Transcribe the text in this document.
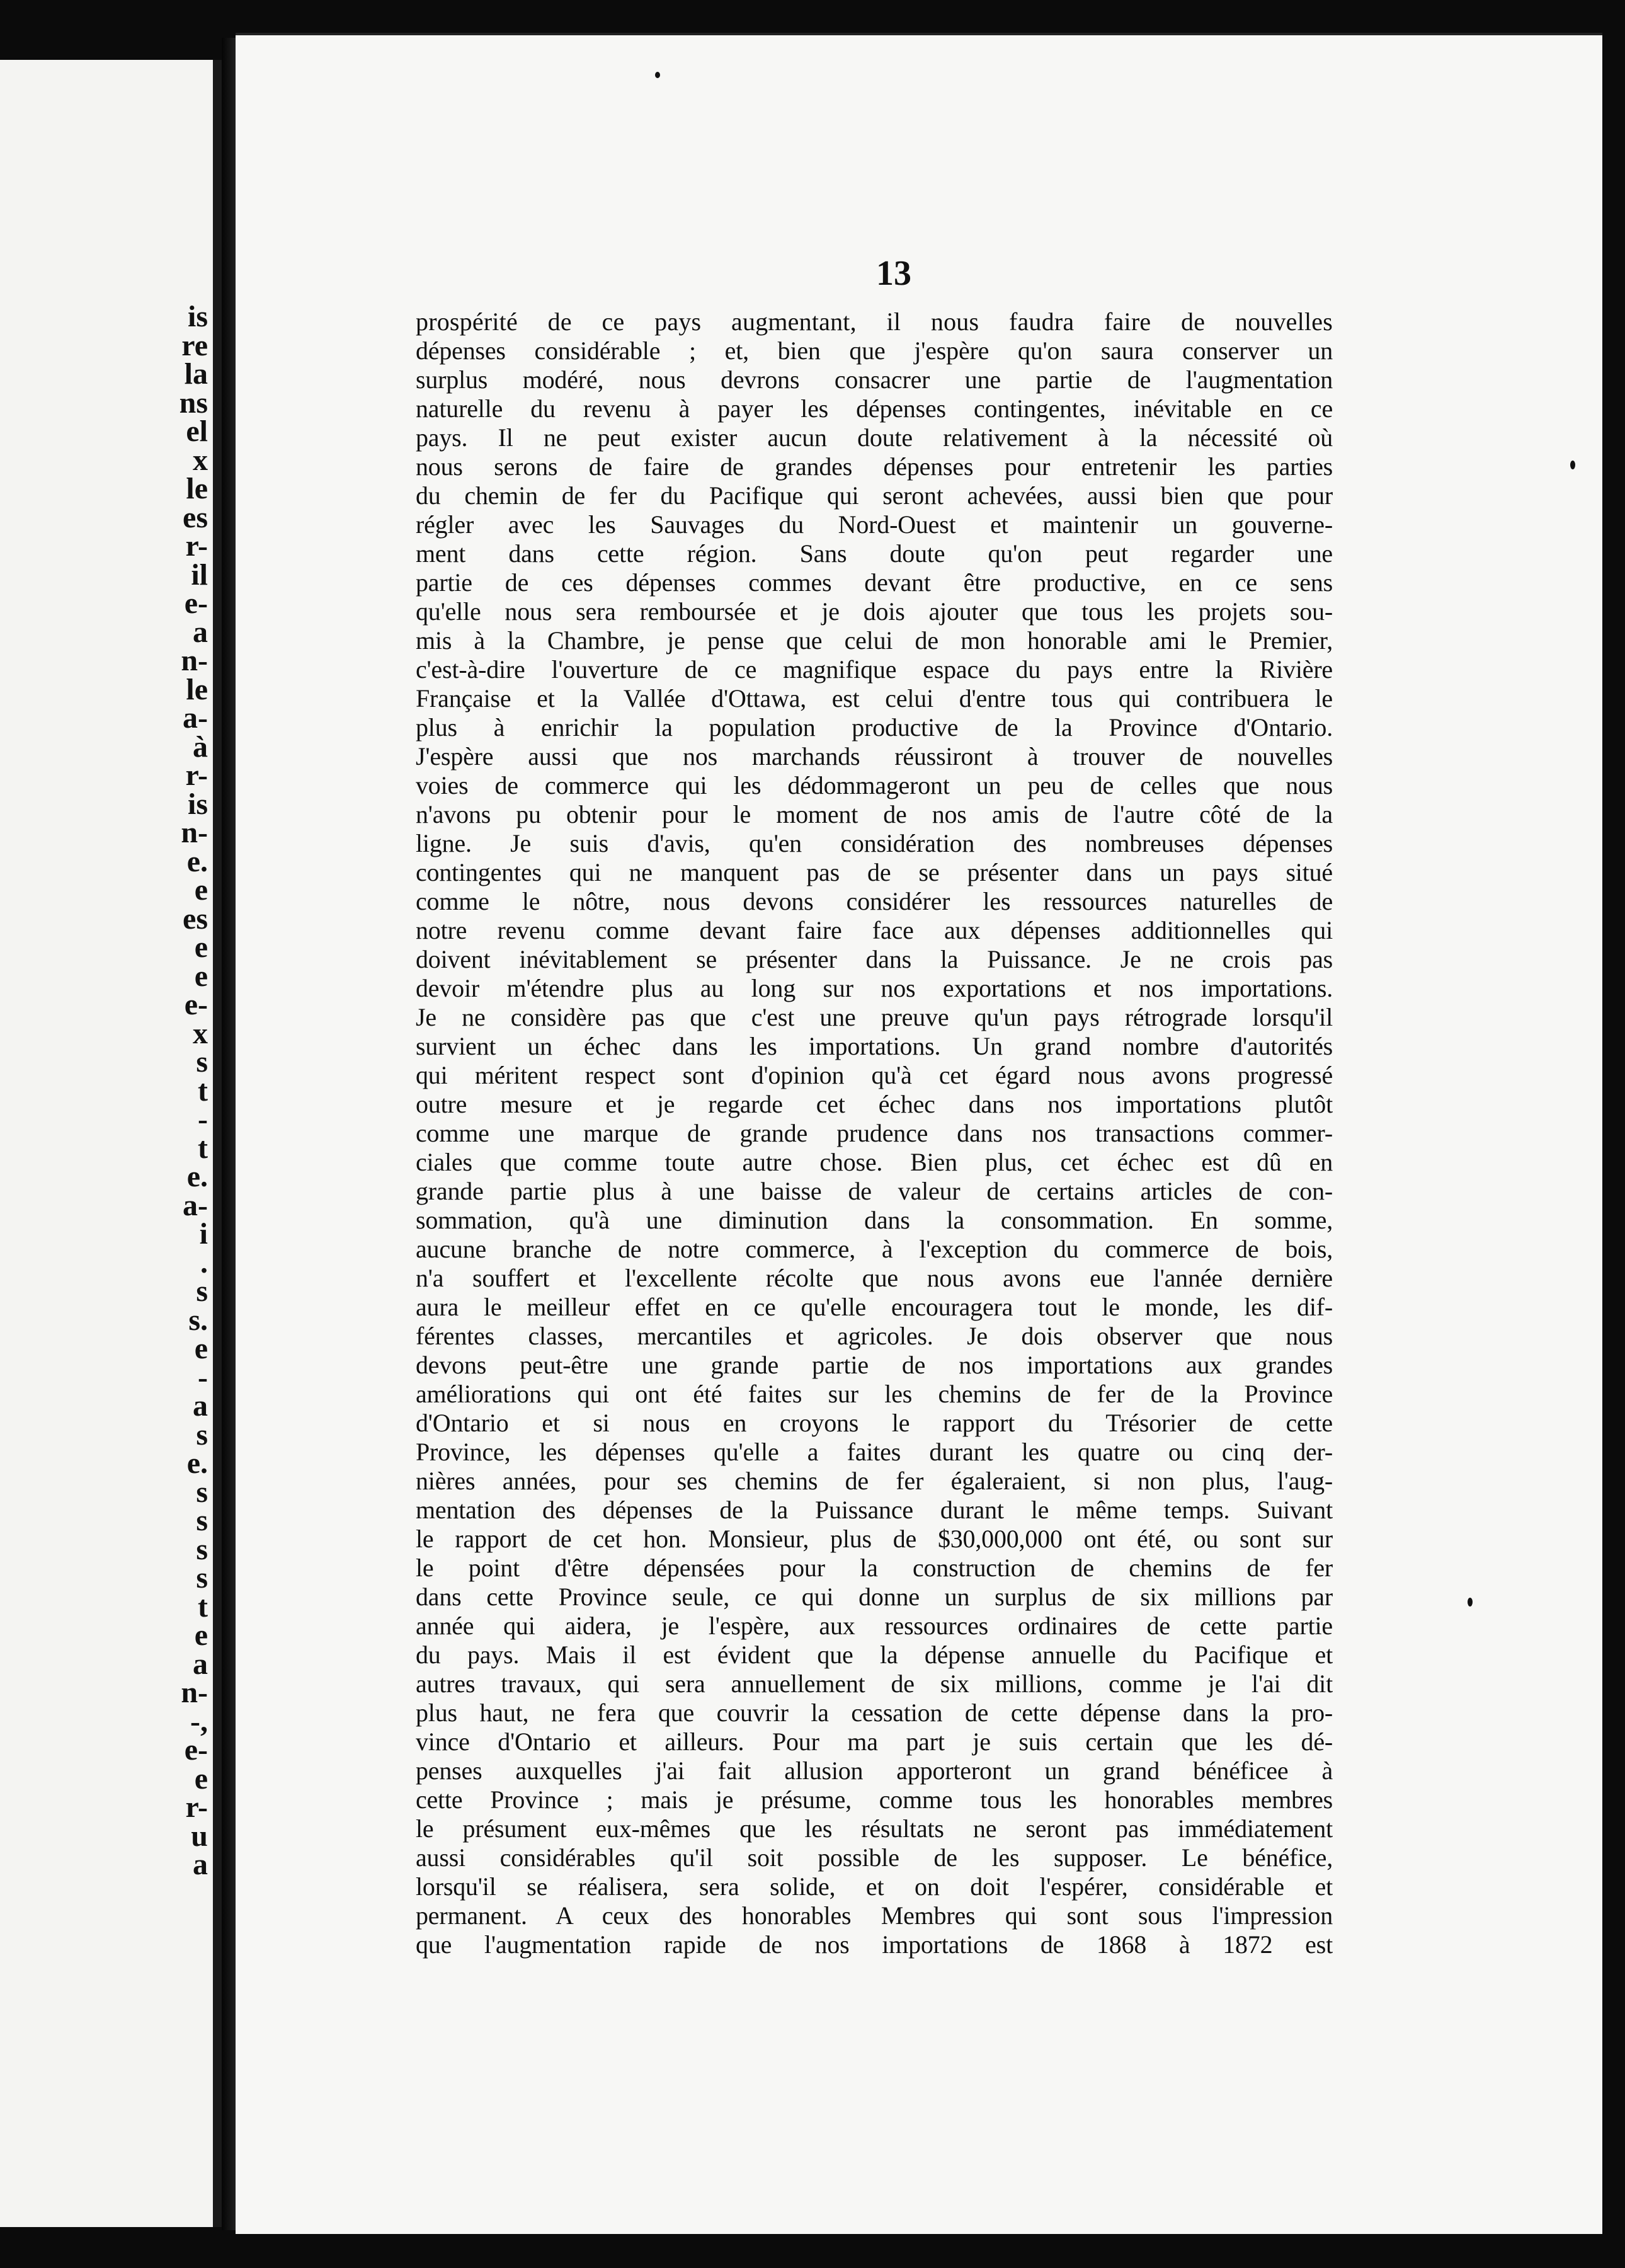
is
re
la
ns
el
x
le
es
r-
il
e-
a
n-
le
a-
à
r-
is
n-
e.
e
es
e
e
e-
x
s
t
-
t
e.
a-
i
.
s
s.
e
-
a
s
e.
s
s
s
s
t
e
a
n-
-,
e-
e
r-
u
a

13

prospérité de ce pays augmentant, il nous faudra faire de nouvelles
dépenses considérable ; et, bien que j'espère qu'on saura conserver un
surplus modéré, nous devrons consacrer une partie de l'augmentation
naturelle du revenu à payer les dépenses contingentes, inévitable en ce
pays. Il ne peut exister aucun doute relativement à la nécessité où
nous serons de faire de grandes dépenses pour entretenir les parties
du chemin de fer du Pacifique qui seront achevées, aussi bien que pour
régler avec les Sauvages du Nord-Ouest et maintenir un gouverne-
ment dans cette région. Sans doute qu'on peut regarder une
partie de ces dépenses commes devant être productive, en ce sens
qu'elle nous sera remboursée et je dois ajouter que tous les projets sou-
mis à la Chambre, je pense que celui de mon honorable ami le Premier,
c'est-à-dire l'ouverture de ce magnifique espace du pays entre la Rivière
Française et la Vallée d'Ottawa, est celui d'entre tous qui contribuera le
plus à enrichir la population productive de la Province d'Ontario.
J'espère aussi que nos marchands réussiront à trouver de nouvelles
voies de commerce qui les dédommageront un peu de celles que nous
n'avons pu obtenir pour le moment de nos amis de l'autre côté de la
ligne. Je suis d'avis, qu'en considération des nombreuses dépenses
contingentes qui ne manquent pas de se présenter dans un pays situé
comme le nôtre, nous devons considérer les ressources naturelles de
notre revenu comme devant faire face aux dépenses additionnelles qui
doivent inévitablement se présenter dans la Puissance. Je ne crois pas
devoir m'étendre plus au long sur nos exportations et nos importations.
Je ne considère pas que c'est une preuve qu'un pays rétrograde lorsqu'il
survient un échec dans les importations. Un grand nombre d'autorités
qui méritent respect sont d'opinion qu'à cet égard nous avons progressé
outre mesure et je regarde cet échec dans nos importations plutôt
comme une marque de grande prudence dans nos transactions commer-
ciales que comme toute autre chose. Bien plus, cet échec est dû en
grande partie plus à une baisse de valeur de certains articles de con-
sommation, qu'à une diminution dans la consommation. En somme,
aucune branche de notre commerce, à l'exception du commerce de bois,
n'a souffert et l'excellente récolte que nous avons eue l'année dernière
aura le meilleur effet en ce qu'elle encouragera tout le monde, les dif-
férentes classes, mercantiles et agricoles. Je dois observer que nous
devons peut-être une grande partie de nos importations aux grandes
améliorations qui ont été faites sur les chemins de fer de la Province
d'Ontario et si nous en croyons le rapport du Trésorier de cette
Province, les dépenses qu'elle a faites durant les quatre ou cinq der-
nières années, pour ses chemins de fer égaleraient, si non plus, l'aug-
mentation des dépenses de la Puissance durant le même temps. Suivant
le rapport de cet hon. Monsieur, plus de $30,000,000 ont été, ou sont sur
le point d'être dépensées pour la construction de chemins de fer
dans cette Province seule, ce qui donne un surplus de six millions par
année qui aidera, je l'espère, aux ressources ordinaires de cette partie
du pays. Mais il est évident que la dépense annuelle du Pacifique et
autres travaux, qui sera annuellement de six millions, comme je l'ai dit
plus haut, ne fera que couvrir la cessation de cette dépense dans la pro-
vince d'Ontario et ailleurs. Pour ma part je suis certain que les dé-
penses auxquelles j'ai fait allusion apporteront un grand bénéficee à
cette Province ; mais je présume, comme tous les honorables membres
le présument eux-mêmes que les résultats ne seront pas immédiatement
aussi considérables qu'il soit possible de les supposer. Le bénéfice,
lorsqu'il se réalisera, sera solide, et on doit l'espérer, considérable et
permanent. A ceux des honorables Membres qui sont sous l'impression
que l'augmentation rapide de nos importations de 1868 à 1872 est
